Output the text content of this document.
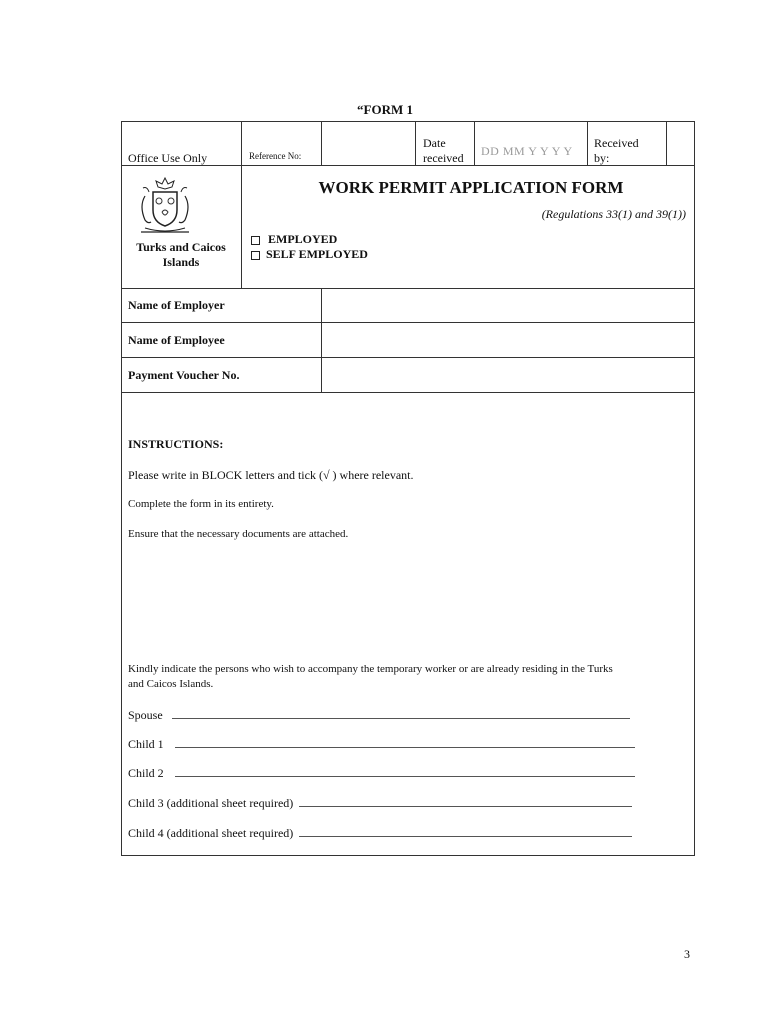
“FORM 1
Office Use Only	Reference No:
Date
received DD MM Y Y Y Y
Received
by:
Turks and Caicos
Islands
WORK PERMIT APPLICATION FORM
(Regulations 33(1) and 39(1))
EMPLOYED
SELF EMPLOYED
Name of Employer
Name of Employee
Payment Voucher No.
INSTRUCTIONS:
Please write in BLOCK letters and tick (√ ) where relevant.
Complete the form in its entirety.
Ensure that the necessary documents are attached.
Kindly indicate the persons who wish to accompany the temporary worker or are already residing in the Turks
and Caicos Islands.
Spouse
Child 1
Child 2
Child 3 (additional sheet required)
Child 4 (additional sheet required)
3
